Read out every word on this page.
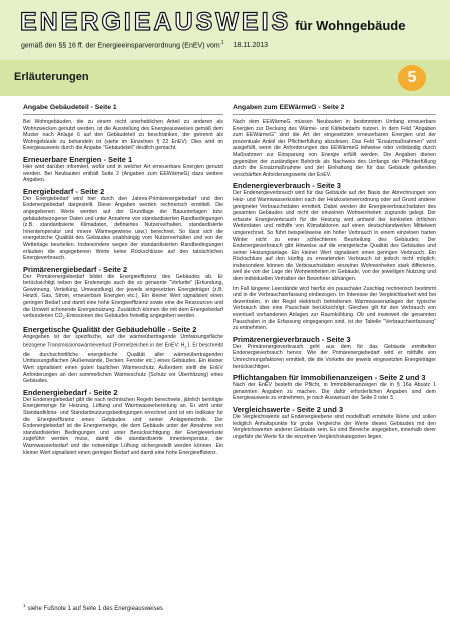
ENERGIEAUSWEIS für Wohngebäude
gemäß den §§ 16 ff. der Energieeinsparverordnung (EnEV) vom$^1$ 18.11.2013
Erläuterungen	5
Angabe Gebäudeteil - Seite 1

Bei Wohngebäuden, die zu einem nicht unerheblichen Anteil zu anderen als Wohnzwecken genutzt werden, ist die Ausstellung des Energieausweises gemäß dem Muster nach Anlage 6 auf den Gebäudeteil zu beschränken, der getrennt als Wohngebäude zu behandeln ist (siehe im Einzelnen § 22 EnEV). Dies wird im Energieausweis durch die Angabe "Gebäudeteil" deutlich gemacht.

Erneuerbare Energien - Seite 1

Hier wird darüber informiert, wofür und in welcher Art erneuerbare Energien genutzt werden. Bei Neubauten enthält Seite 2 (Angaben zum EEWärmeG) dazu weitere Angaben.

Energiebedarf - Seite 2

Der Energiebedarf wird hier durch den Jahres-Primärenergiebedarf und den Endenergiebedarf dargestellt. Diese Angaben werden rechnerisch ermittelt. Die angegebenen Werte werden auf der Grundlage der Bauunterlagen bzw. gebäudebezogener Daten und unter Annahme von standardisierten Randbedingungen (z.B. standardisierte Klimadaten, definiertes Nutzerverhalten, standardisierte Innentemperatur und innere Wärmegewinne usw.) berechnet. So lässt sich die energetische Qualität des Gebäudes unabhängig vom Nutzerverhalten und von der Wetterlage beurteilen. Insbesondere wegen der standardisierten Randbedingungen erlauben die angegebenen Werte keine Rückschlüsse auf den tatsächlichen Energieverbrauch.

Primärenergiebedarf - Seite 2

Der Primärenergiebedarf bildet die Energieeffizienz des Gebäudes ab. Er berücksichtigt neben der Endenergie auch die so genannte "Vorkette" (Erkundung, Gewinnung, Verteilung, Umwandlung) der jeweils eingesetzten Energieträger (z.B. Heizöl, Gas, Strom, erneuerbare Energien etc.). Ein kleiner Wert signalisiert einen geringen Bedarf und damit eine hohe Energieeffizienz sowie eine die Ressourcen und die Umwelt schonende Energienutzung. Zusätzlich können die mit dem Energiebedarf verbundenen $CO_2$-Emissionen des Gebäudes freiwillig angegeben werden.

Energetische Qualität der Gebäudehülle - Seite 2

Angegeben ist der spezifische, auf die wärmeübertragende Umfassungsfläche bezogene Transmissionswärmeverlust (Formelzeichen in der EnEV: $H_T'$). Er beschreibt die durchschnittliche energetische Qualität aller wärmeübertragenden Umfassungsflächen (Außenwände, Decken, Fenster etc.) eines Gebäudes. Ein kleiner Wert signalisiert einen guten baulichen Wärmeschutz. Außerdem stellt die EnEV Anforderungen an den sommerlichen Wärmeschutz (Schutz vor Überhitzung) eines Gebäudes.

Endenergiebedarf - Seite 2

Der Endenergiebedarf gibt die nach technischen Regeln berechnete, jährlich benötigte Energiemenge für Heizung, Lüftung und Warmwasserbereitung an. Er wird unter Standardklima- und Standardnutzungsbedingungen errechnet und ist ein Indikator für die Energieeffizienz eines Gebäudes und seiner Anlagentechnik. Der Endenergiebedarf ist die Energiemenge, die dem Gebäude unter der Annahme von standardisierten Bedingungen und unter Berücksichtigung der Energieverluste zugeführt werden muss, damit die standardisierte Innentemperatur, der Warmwasserbedarf und die notwendige Lüftung sichergestellt werden können. Ein kleiner Wert signalisiert einen geringen Bedarf und damit eine hohe Energieeffizienz.

Angaben zum EEWärmeG - Seite 2

Nach dem EEWärmeG müssen Neubauten in bestimmtem Umfang erneuerbare Energien zur Deckung des Wärme- und Kältebedarfs nutzen. In dem Feld "Angaben zum EEWärmeG" sind die Art der eingesetzten erneuerbaren Energien und der prozentuale Anteil der Pflichterfüllung abzulesen. Das Feld "Ersatzmaßnahmen" wird ausgefüllt, wenn die Anforderungen des EEWärmeG teilweise oder vollständig durch Maßnahmen zur Einsparung von Energie erfüllt werden. Die Angaben dienen gegenüber der zuständigen Behörde als Nachweis des Umfangs der Pflichterfüllung durch die Ersatzmaßnahme und der Einhaltung der für das Gebäude geltenden verschärften Anforderungswerte der EnEV.

Endenergieverbrauch - Seite 3

Der Endenergieverbrauch wird für das Gebäude auf der Basis der Abrechnungen von Heiz- und Warmwasserkosten nach der Heizkostenverordnung oder auf Grund anderer geeigneter Verbrauchsdaten ermittelt. Dabei werden die Energieverbrauchsdaten des gesamten Gebäudes und nicht der einzelnen Wohneinheiten zugrunde gelegt. Der erfasste Energieverbrauch für die Heizung wird anhand der konkreten örtlichen Wetterdaten und mithilfe von Klimafaktoren auf einen deutschlandweiten Mittelwert umgerechnet. So führt beispielsweise ein hoher Verbrauch in einem einzelnen harten Winter nicht zu einer schlechteren Beurteilung des Gebäudes. Der Endenergieverbrauch gibt Hinweise auf die energetische Qualität des Gebäudes und seiner Heizungsanlage. Ein kleiner Wert signalisiert einen geringen Verbrauch. Ein Rückschluss auf den künftig zu erwartenden Verbrauch ist jedoch nicht möglich; insbesondere können die Verbrauchsdaten einzelner Wohneinheiten stark differieren, weil sie von der Lage der Wohneinheiten im Gebäude, von der jeweiligen Nutzung und dem individuellen Verhalten der Bewohner abhängen.

Im Fall längerer Leerstände wird hierfür ein pauschaler Zuschlag rechnerisch bestimmt und in die Verbrauchserfassung einbezogen. Im Interesse der Vergleichbarkeit wird bei dezentralen, in der Regel elektrisch betriebenen Warmwasseranlagen der typische Verbrauch über eine Pauschale berücksichtigt: Gleiches gilt für den Verbrauch von eventuell vorhandenen Anlagen zur Raumkühlung. Ob und inwieweit die genannten Pauschalen in die Erfassung eingegangen sind, ist der Tabelle "Verbrauchserfassung" zu entnehmen.

Primärenergieverbrauch - Seite 3

Der Primärenergieverbrauch geht aus dem für das Gebäude ermittelten Endenergieverbrauch hervor. Wie der Primärenergiebedarf wird er mithilfe von Umrechnungsfaktoren ermittelt, die die Vorkette der jeweils eingesetzten Energieträger berücksichtigen.

Pflichtangaben für Immobilienanzeigen - Seite 2 und 3

Nach der EnEV besteht die Pflicht, in Immobilienanzeigen die in § 16a Absatz 1 genannten Angaben zu machen. Die dafür erforderlichen Angaben sind dem Energieausweis zu entnehmen, je nach Ausweisart der Seite 2 oder 3.

Vergleichswerte - Seite 2 und 3

Die Vergleichswerte auf Endenergieebene sind modellhaft ermittelte Werte und sollen lediglich Anhaltspunkte für grobe Vergleiche der Werte dieses Gebäudes mit den Vergleichswerten anderer Gebäude sein. Es sind Bereiche angegeben, innerhalb derer ungefähr die Werte für die einzelnen Vergleichskategorien liegen.

$^1$siehe Fußnote 1 auf Seite 1 des Energieausweises
